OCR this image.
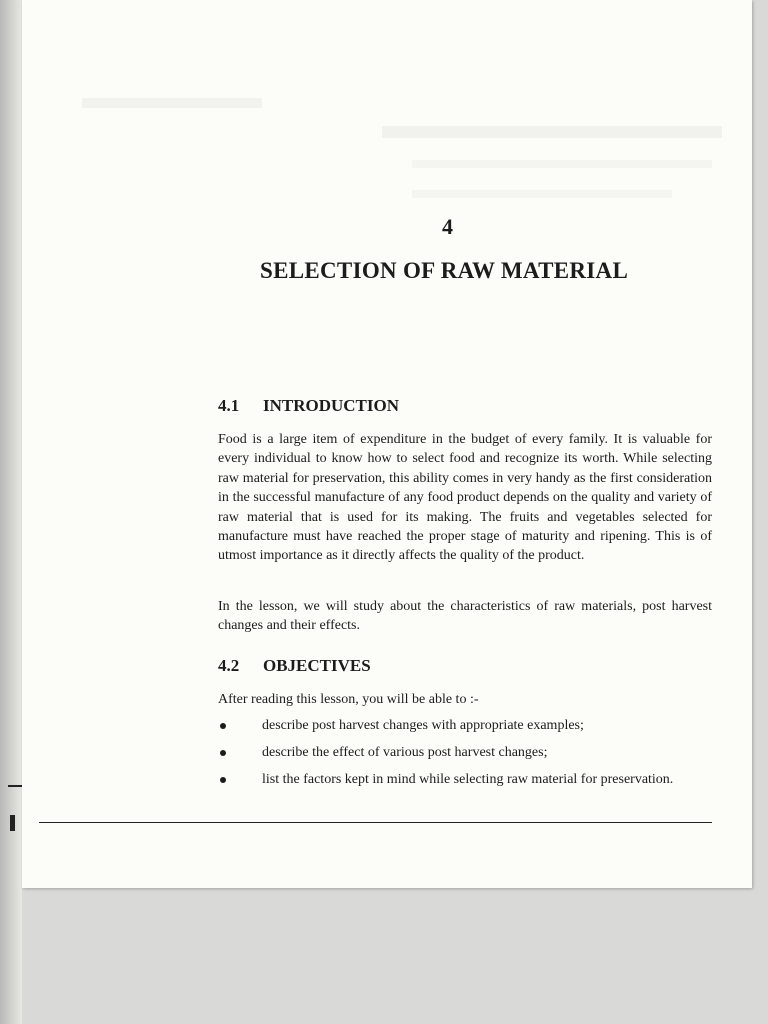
4
SELECTION OF RAW MATERIAL
4.1 INTRODUCTION

Food is a large item of expenditure in the budget of every family. It is valuable for every individual to know how to select food and recognize its worth. While selecting raw material for preservation, this ability comes in very handy as the first consideration in the successful manufacture of any food product depends on the quality and variety of raw material that is used for its making. The fruits and vegetables selected for manufacture must have reached the proper stage of maturity and ripening. This is of utmost importance as it directly affects the quality of the product.

In the lesson, we will study about the characteristics of raw materials, post harvest changes and their effects.

4.2 OBJECTIVES

After reading this lesson, you will be able to :-

describe post harvest changes with appropriate examples;
describe the effect of various post harvest changes;
list the factors kept in mind while selecting raw material for preservation.
